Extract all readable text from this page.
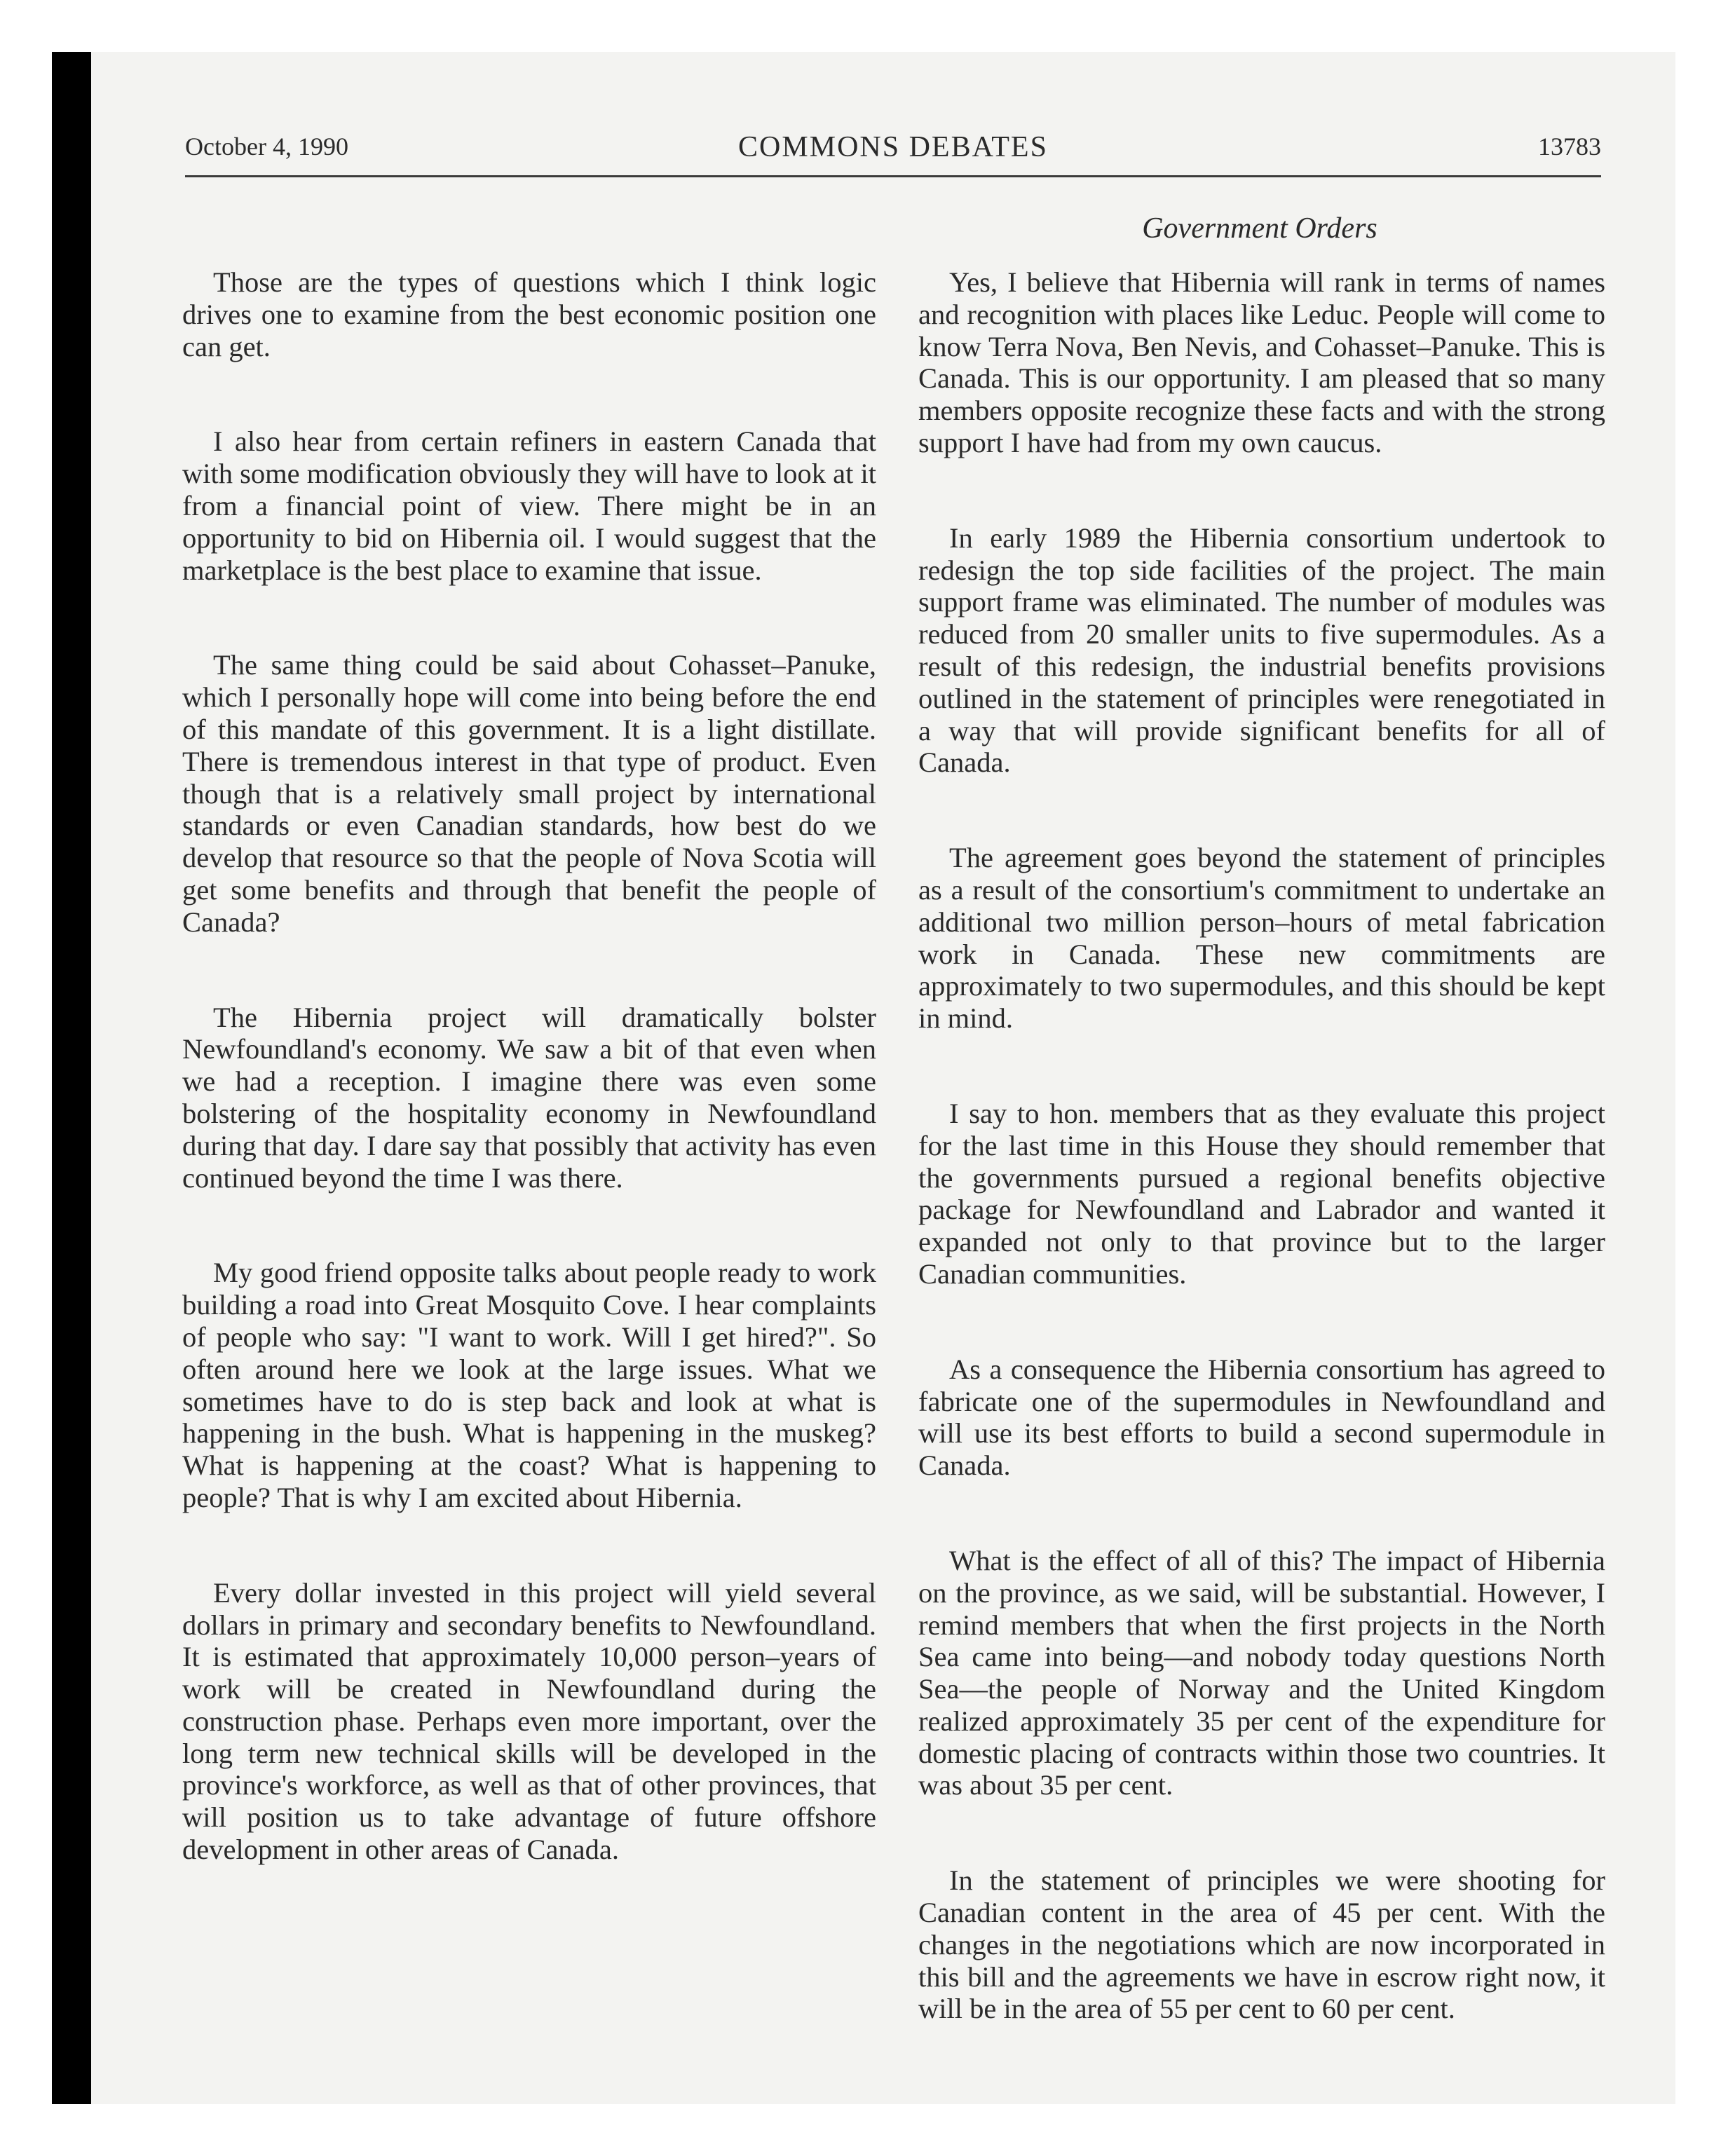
October 4, 1990	COMMONS DEBATES	13783
Government Orders

Those are the types of questions which I think logic drives one to examine from the best economic position one can get.

I also hear from certain refiners in eastern Canada that with some modification obviously they will have to look at it from a financial point of view. There might be in an opportunity to bid on Hibernia oil. I would suggest that the marketplace is the best place to examine that issue.

The same thing could be said about Cohasset–Panuke, which I personally hope will come into being before the end of this mandate of this government. It is a light distillate. There is tremendous interest in that type of product. Even though that is a relatively small project by international standards or even Canadian standards, how best do we develop that resource so that the people of Nova Scotia will get some benefits and through that benefit the people of Canada?

The Hibernia project will dramatically bolster Newfoundland's economy. We saw a bit of that even when we had a reception. I imagine there was even some bolstering of the hospitality economy in Newfoundland during that day. I dare say that possibly that activity has even continued beyond the time I was there.

My good friend opposite talks about people ready to work building a road into Great Mosquito Cove. I hear complaints of people who say: "I want to work. Will I get hired?". So often around here we look at the large issues. What we sometimes have to do is step back and look at what is happening in the bush. What is happening in the muskeg? What is happening at the coast? What is happening to people? That is why I am excited about Hibernia.

Every dollar invested in this project will yield several dollars in primary and secondary benefits to Newfoundland. It is estimated that approximately 10,000 person–years of work will be created in Newfoundland during the construction phase. Perhaps even more important, over the long term new technical skills will be developed in the province's workforce, as well as that of other provinces, that will position us to take advantage of future offshore development in other areas of Canada.

Yes, I believe that Hibernia will rank in terms of names and recognition with places like Leduc. People will come to know Terra Nova, Ben Nevis, and Cohasset–Panuke. This is Canada. This is our opportunity. I am pleased that so many members opposite recognize these facts and with the strong support I have had from my own caucus.

In early 1989 the Hibernia consortium undertook to redesign the top side facilities of the project. The main support frame was eliminated. The number of modules was reduced from 20 smaller units to five supermodules. As a result of this redesign, the industrial benefits provisions outlined in the statement of principles were renegotiated in a way that will provide significant benefits for all of Canada.

The agreement goes beyond the statement of principles as a result of the consortium's commitment to undertake an additional two million person–hours of metal fabrication work in Canada. These new commitments are approximately to two supermodules, and this should be kept in mind.

I say to hon. members that as they evaluate this project for the last time in this House they should remember that the governments pursued a regional benefits objective package for Newfoundland and Labrador and wanted it expanded not only to that province but to the larger Canadian communities.

As a consequence the Hibernia consortium has agreed to fabricate one of the supermodules in Newfoundland and will use its best efforts to build a second supermodule in Canada.

What is the effect of all of this? The impact of Hibernia on the province, as we said, will be substantial. However, I remind members that when the first projects in the North Sea came into being—and nobody today questions North Sea—the people of Norway and the United Kingdom realized approximately 35 per cent of the expenditure for domestic placing of contracts within those two countries. It was about 35 per cent.

In the statement of principles we were shooting for Canadian content in the area of 45 per cent. With the changes in the negotiations which are now incorporated in this bill and the agreements we have in escrow right now, it will be in the area of 55 per cent to 60 per cent.
